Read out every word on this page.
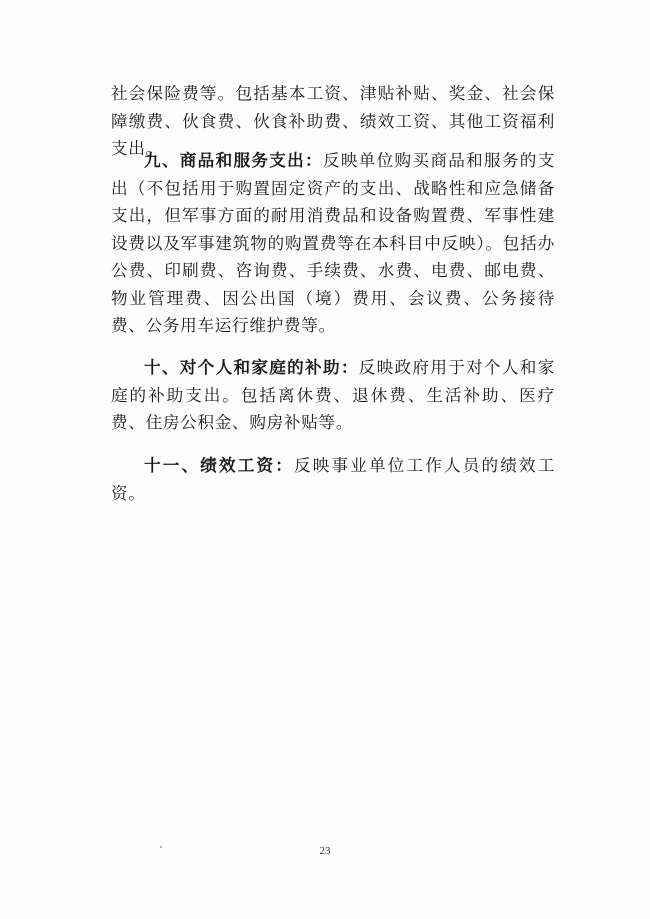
社会保险费等。包括基本工资、津贴补贴、奖金、社会保障缴费、伙食费、伙食补助费、绩效工资、其他工资福利支出。

九、商品和服务支出：反映单位购买商品和服务的支出（不包括用于购置固定资产的支出、战略性和应急储备支出，但军事方面的耐用消费品和设备购置费、军事性建设费以及军事建筑物的购置费等在本科目中反映）。包括办公费、印刷费、咨询费、手续费、水费、电费、邮电费、物业管理费、因公出国（境）费用、会议费、公务接待费、公务用车运行维护费等。

十、对个人和家庭的补助：反映政府用于对个人和家庭的补助支出。包括离休费、退休费、生活补助、医疗费、住房公积金、购房补贴等。

十一、绩效工资：反映事业单位工作人员的绩效工资。

23
